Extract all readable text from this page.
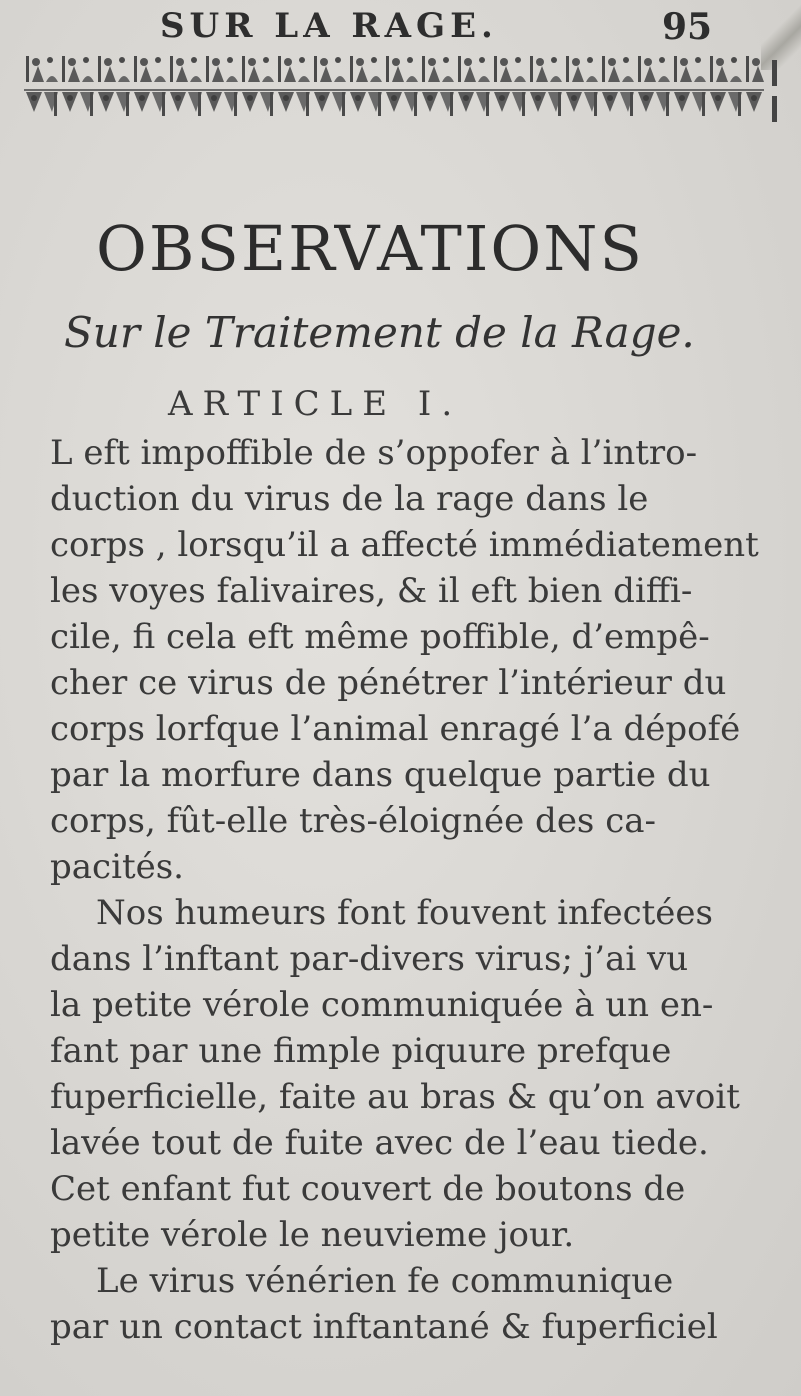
SUR LA RAGE.	95
OBSERVATIONS
Sur le Traitement de la Rage.
ARTICLE I.
L eft impoffible de s’oppofer à l’intro-
duction du virus de la rage dans le
corps , lorsqu’il a affecté immédiatement
les voyes falivaires, & il eft bien diffi-
cile, fi cela eft même poffible, d’empê-
cher ce virus de pénétrer l’intérieur du
corps lorfque l’animal enragé l’a dépofé
par la morfure dans quelque partie du
corps, fût-elle très-éloignée des ca-
pacités.
Nos humeurs font fouvent infectées
dans l’inftant par-divers virus; j’ai vu
la petite vérole communiquée à un en-
fant par une fimple piquure prefque
fuperficielle, faite au bras & qu’on avoit
lavée tout de fuite avec de l’eau tiede.
Cet enfant fut couvert de boutons de
petite vérole le neuvieme jour.
Le virus vénérien fe communique
par un contact inftantané & fuperficiel
